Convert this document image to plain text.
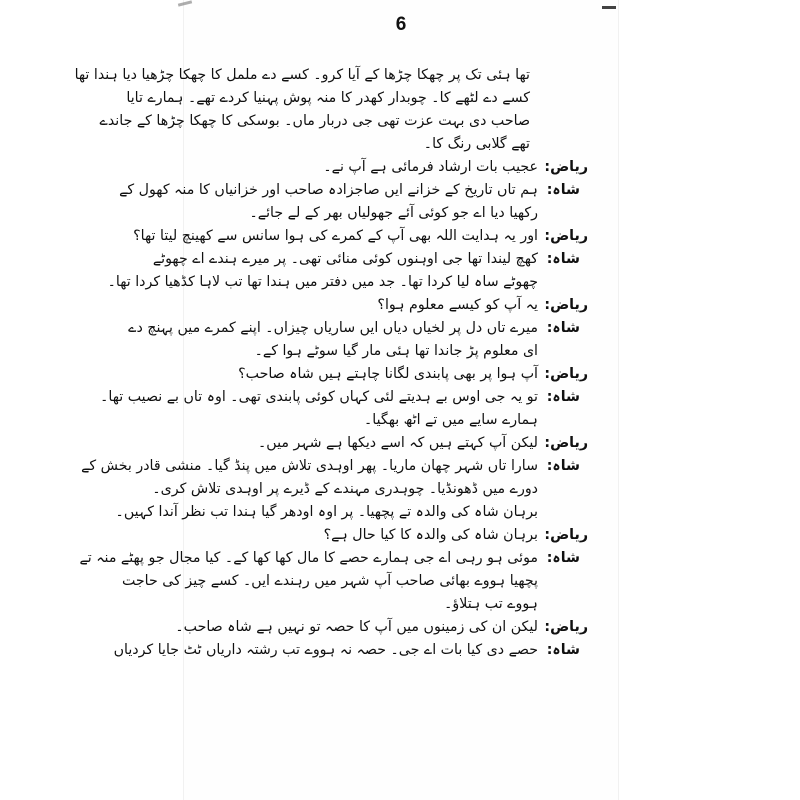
6
تھا ہئی تک پر چھکا چڑھا کے آیا کرو۔ کسے دے ململ کا چھکا چڑھیا دیا ہندا تھا
کسے دے لٹھے کا۔ چوبدار کھدر کا منہ پوش پہنیا کردے تھے۔ ہمارے تایا
صاحب دی بہت عزت تھی جی دربار ماں۔ بوسکی کا چھکا چڑھا کے جاندے
تھے گلابی رنگ کا۔
ریاض:
عجیب بات ارشاد فرمائی ہے آپ نے۔
شاہ:
ہم تاں تاریخ کے خزانے ایں صاجزادہ صاحب اور خزانیاں کا منہ کھول کے
رکھیا دیا اے جو کوئی آئے جھولیاں بھر کے لے جائے۔
ریاض:
اور یہ ہدایت اللہ بھی آپ کے کمرے کی ہوا سانس سے کھینچ لیتا تھا؟
شاہ:
کھچ لیندا تھا جی اوہنوں کوئی منائی تھی۔ پر میرے ہندے اے چھوٹے
چھوٹے ساہ لیا کردا تھا۔ جد میں دفتر میں ہندا تھا تب لاہا کڈھیا کردا تھا۔
ریاض:
یہ آپ کو کیسے معلوم ہوا؟
شاہ:
میرے تاں دل پر لخیاں دیاں ایں ساریاں چیزاں۔ اپنے کمرے میں پہنچ دے
ای معلوم پڑ جاندا تھا ہئی مار گیا سوٹے ہوا کے۔
ریاض:
آپ ہوا پر بھی پابندی لگانا چاہتے ہیں شاہ صاحب؟
شاہ:
تو یہ جی اوس بے ہدیتے لئی کہاں کوئی پابندی تھی۔ اوہ تاں بے نصیب تھا۔
ہمارے سایے میں تے اٹھ بھگیا۔
ریاض:
لیکن آپ کہتے ہیں کہ اسے دیکھا ہے شہر میں۔
شاہ:
سارا تاں شہر چھان ماریا۔ پھر اوہدی تلاش میں پنڈ گیا۔ منشی قادر بخش کے
دورے میں ڈھونڈیا۔ چوہدری مہندے کے ڈیرے پر اوہدی تلاش کری۔
برہان شاہ کی والدہ تے پچھیا۔ پر اوہ اودھر گیا ہندا تب نظر آندا کہیں۔
ریاض:
برہان شاہ کی والدہ کا کیا حال ہے؟
شاہ:
موئی ہو رہی اے جی ہمارے حصے کا مال کھا کھا کے۔ کیا مجال جو پھٹے منہ تے
پچھیا ہووے بھائی صاحب آپ شہر میں رہندے ایں۔ کسے چیز کی حاجت
ہووے تب ہتلاؤ۔
ریاض:
لیکن ان کی زمینوں میں آپ کا حصہ تو نہیں ہے شاہ صاحب۔
شاہ:
حصے دی کیا بات اے جی۔ حصہ نہ ہووے تب رشتہ داریاں ٹٹ جایا کردیاں
